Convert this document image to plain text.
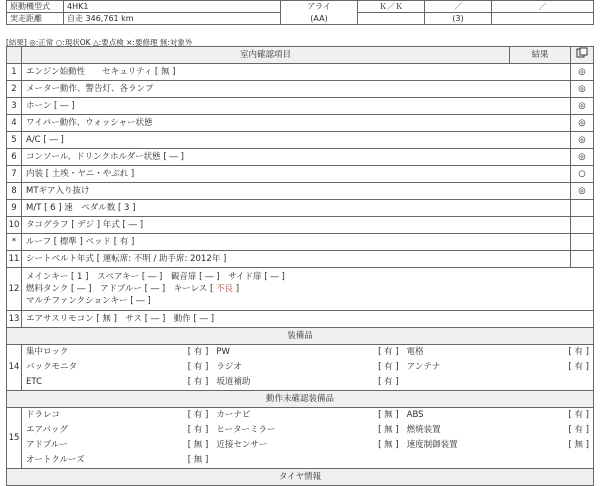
原動機型式	4HK1	アライ	Ｋ／Ｋ	／	／
実走距離	自走 346,761 km	(AA)		(3)	
[結果] ◎:正常 ○:現状OK △:要点検 ×:要修理 無:対象外
	室内確認項目	結果	
1	エンジン始動性　　セキュリティ [ 無 ]	◎
2	メーター動作、警告灯、各ランプ	◎
3	ホーン [ ― ]	◎
4	ワイパー動作、ウォッシャー状態	◎
5	A/C [ ― ]	◎
6	コンソール、ドリンクホルダー状態 [ ― ]	◎
7	内装 [ 土埃・ヤニ・やぶれ ]	○
8	MTギア入り抜け	◎
9	M/T [ 6 ] 速　ペダル数 [ 3 ]	
10	タコグラフ [ デジ ] 年式 [ ― ]	
*	ルーフ [ 標準 ] ベッド [ 有 ]	
11	シートベルト年式 [ 運転席: 不明 / 助手席: 2012年 ]	
12	
メインキー [ 1 ]　スペアキー [ ― ]　観音扉 [ ― ]　サイド扉 [ ― ]
燃料タンク [ ― ]　アドブルー [ ― ]　キーレス [ 不良 ]
マルチファンクションキー [ ― ]

13	エアサスリモコン [ 無 ]　サス [ ― ]　動作 [ ― ]
装備品
14	
集中ロック	[ 有 ]	PW	[ 有 ]	電格	[ 有 ]

バックモニタ	[ 有 ]	ラジオ	[ 有 ]	アンテナ	[ 有 ]

ETC	[ 有 ]	坂道補助	[ 有 ]

動作未確認装備品
15	
ドラレコ	[ 有 ]	カーナビ	[ 無 ]	ABS	[ 有 ]

エアバッグ	[ 有 ]	ヒーターミラー	[ 無 ]	燃焼装置	[ 有 ]

アドブルー	[ 無 ]	近接センサー	[ 無 ]	速度制御装置	[ 無 ]

オートクルーズ	[ 無 ]

タイヤ情報
